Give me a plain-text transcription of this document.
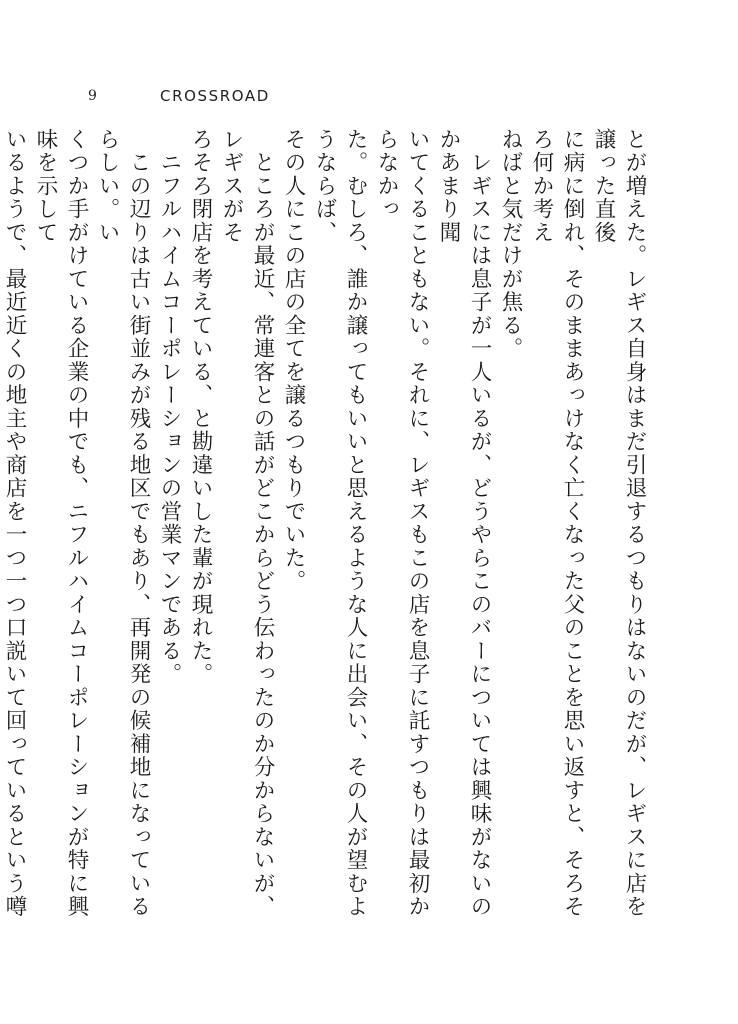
9	CROSSROAD

とが増えた。レギス自身はまだ引退するつもりはないのだが、レギスに店を譲った直後
に病に倒れ、そのままあっけなく亡くなった父のことを思い返すと、そろそろ何か考え
ねばと気だけが焦る。

　レギスには息子が一人いるが、どうやらこのバーについては興味がないのかあまり聞
いてくることもない。それに、レギスもこの店を息子に託すつもりは最初からなかっ
た。むしろ、誰か譲ってもいいと思えるような人に出会い、その人が望むようならば、
その人にこの店の全てを譲るつもりでいた。

　ところが最近、常連客との話がどこからどう伝わったのか分からないが、レギスがそ
ろそろ閉店を考えている、と勘違いした輩が現れた。

　ニフルハイムコーポレーションの営業マンである。

　この辺りは古い街並みが残る地区でもあり、再開発の候補地になっているらしい。い
くつか手がけている企業の中でも、ニフルハイムコーポレーションが特に興味を示して
いるようで、最近近くの地主や商店を一つ一つ口説いて回っているという噂
